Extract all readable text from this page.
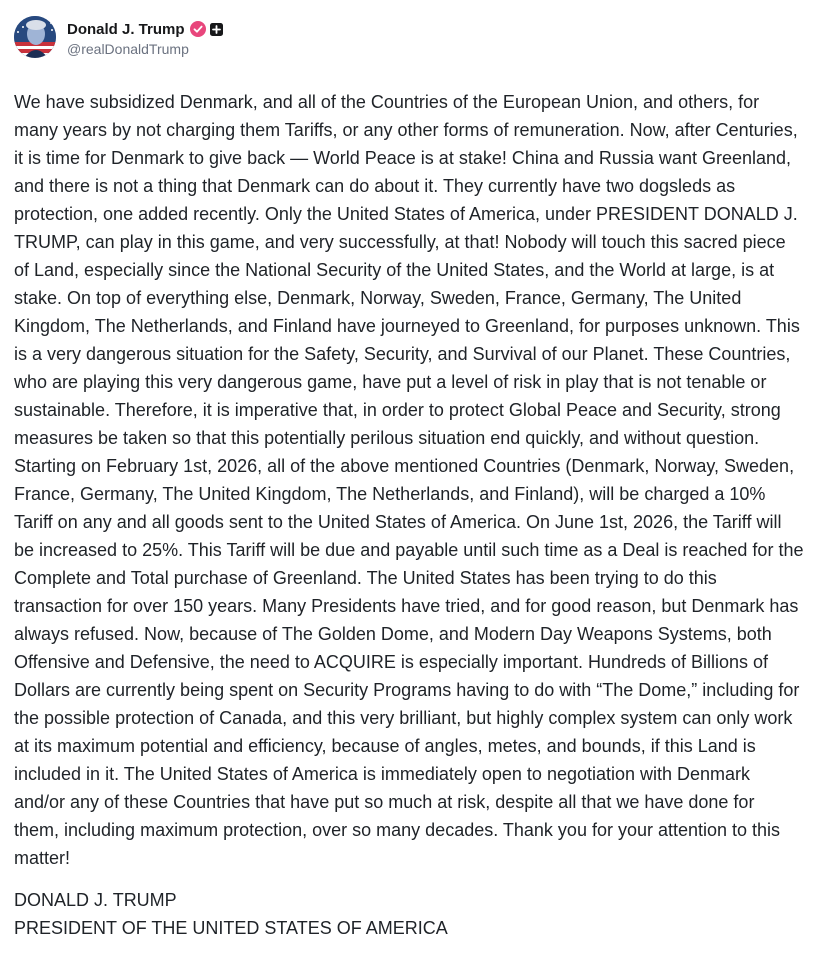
Donald J. Trump
@realDonaldTrump
We have subsidized Denmark, and all of the Countries of the European Union, and others, for many years by not charging them Tariffs, or any other forms of remuneration. Now, after Centuries, it is time for Denmark to give back — World Peace is at stake! China and Russia want Greenland, and there is not a thing that Denmark can do about it. They currently have two dogsleds as protection, one added recently. Only the United States of America, under PRESIDENT DONALD J. TRUMP, can play in this game, and very successfully, at that! Nobody will touch this sacred piece of Land, especially since the National Security of the United States, and the World at large, is at stake. On top of everything else, Denmark, Norway, Sweden, France, Germany, The United Kingdom, The Netherlands, and Finland have journeyed to Greenland, for purposes unknown. This is a very dangerous situation for the Safety, Security, and Survival of our Planet. These Countries, who are playing this very dangerous game, have put a level of risk in play that is not tenable or sustainable. Therefore, it is imperative that, in order to protect Global Peace and Security, strong measures be taken so that this potentially perilous situation end quickly, and without question. Starting on February 1st, 2026, all of the above mentioned Countries (Denmark, Norway, Sweden, France, Germany, The United Kingdom, The Netherlands, and Finland), will be charged a 10% Tariff on any and all goods sent to the United States of America. On June 1st, 2026, the Tariff will be increased to 25%. This Tariff will be due and payable until such time as a Deal is reached for the Complete and Total purchase of Greenland. The United States has been trying to do this transaction for over 150 years. Many Presidents have tried, and for good reason, but Denmark has always refused. Now, because of The Golden Dome, and Modern Day Weapons Systems, both Offensive and Defensive, the need to ACQUIRE is especially important. Hundreds of Billions of Dollars are currently being spent on Security Programs having to do with “The Dome,” including for the possible protection of Canada, and this very brilliant, but highly complex system can only work at its maximum potential and efficiency, because of angles, metes, and bounds, if this Land is included in it. The United States of America is immediately open to negotiation with Denmark and/or any of these Countries that have put so much at risk, despite all that we have done for them, including maximum protection, over so many decades. Thank you for your attention to this matter!
DONALD J. TRUMP
PRESIDENT OF THE UNITED STATES OF AMERICA
